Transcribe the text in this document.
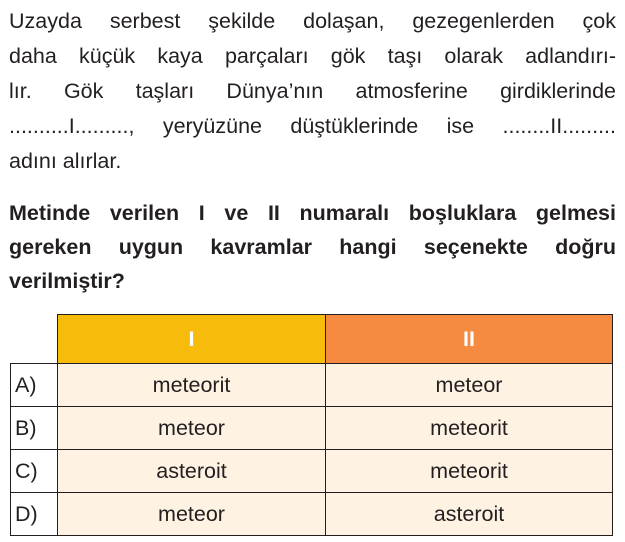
Uzayda serbest şekilde dolaşan, gezegenlerden çok
daha küçük kaya parçaları gök taşı olarak adlandırı-
lır. Gök taşları Dünya’nın atmosferine girdiklerinde
..........I........., yeryüzüne düştüklerinde ise ........II.........
adını alırlar.
Metinde verilen I ve II numaralı boşluklara gelmesi
gereken uygun kavramlar hangi seçenekte doğru
verilmiştir?
	I	II
A)	meteorit	meteor
B)	meteor	meteorit
C)	asteroit	meteorit
D)	meteor	asteroit
